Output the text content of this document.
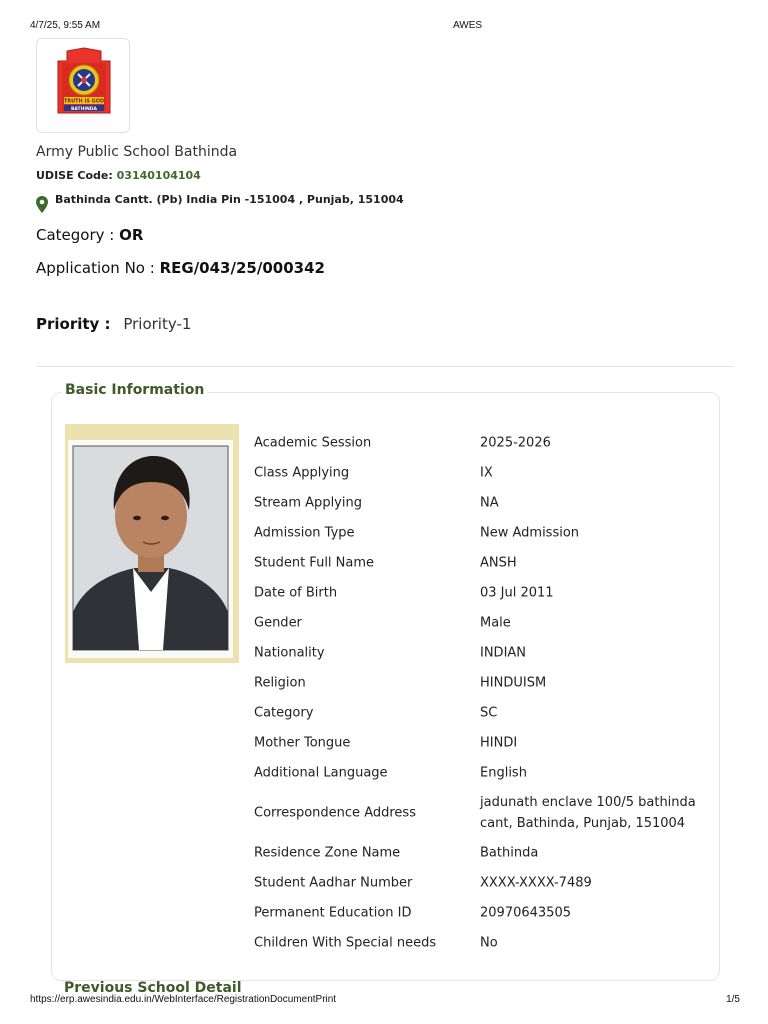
4/7/25, 9:55 AM	AWES
TRUTH IS GOD
BATHINDA
Army Public School Bathinda
UDISE Code: 03140104104
Bathinda Cantt. (Pb) India Pin -151004 , Punjab, 151004
Category : OR
Application No : REG/043/25/000342
Priority : Priority-1
Basic Information
Academic Session	2025-2026
Class Applying	IX
Stream Applying	NA
Admission Type	New Admission
Student Full Name	ANSH
Date of Birth	03 Jul 2011
Gender	Male
Nationality	INDIAN
Religion	HINDUISM
Category	SC
Mother Tongue	HINDI
Additional Language	English
Correspondence Address
jadunath enclave 100/5 bathinda cant, Bathinda, Punjab, 151004
Residence Zone Name	Bathinda
Student Aadhar Number	XXXX-XXXX-7489
Permanent Education ID	20970643505
Children With Special needs	No
Previous School Detail
https://erp.awesindia.edu.in/WebInterface/RegistrationDocumentPrint	1/5
